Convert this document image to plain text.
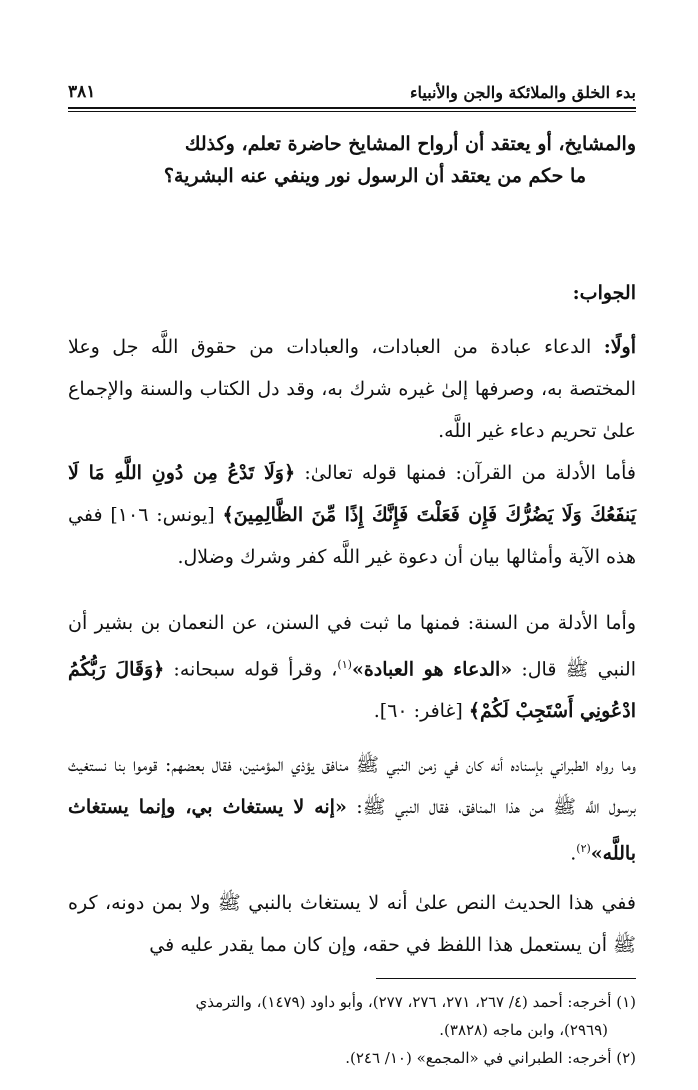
بدء الخلق والملائكة والجن والأنبياء
٣٨١
والمشايخ، أو يعتقد أن أرواح المشايخ حاضرة تعلم، وكذلك
ما حكم من يعتقد أن الرسول نور وينفي عنه البشرية؟
الجواب:
أولًا: الدعاء عبادة من العبادات، والعبادات من حقوق اللَّه جل وعلا المختصة به، وصرفها إلىٰ غيره شرك به، وقد دل الكتاب والسنة والإجماع علىٰ تحريم دعاء غير اللَّه.
فأما الأدلة من القرآن: فمنها قوله تعالىٰ: ﴿وَلَا تَدْعُ مِن دُونِ اللَّهِ مَا لَا يَنفَعُكَ وَلَا يَضُرُّكَ فَإِن فَعَلْتَ فَإِنَّكَ إِذًا مِّنَ الظَّالِمِينَ﴾ [يونس: ١٠٦] ففي هذه الآية وأمثالها بيان أن دعوة غير اللَّه كفر وشرك وضلال.
وأما الأدلة من السنة: فمنها ما ثبت في السنن، عن النعمان بن بشير أن النبي ﷺ قال: «الدعاء هو العبادة»$^{(١)}$، وقرأ قوله سبحانه: ﴿وَقَالَ رَبُّكُمُ ادْعُونِي أَسْتَجِبْ لَكُمْ﴾ [غافر: ٦٠].
وما رواه الطبراني بإسناده أنه كان في زمن النبي ﷺ منافق يؤذي المؤمنين، فقال بعضهم: قوموا بنا نستغيث برسول اللَّه ﷺ من هذا المنافق، فقال النبي ﷺ: «إنه لا يستغاث بي، وإنما يستغاث باللَّه»$^{(٢)}$.
ففي هذا الحديث النص علىٰ أنه لا يستغاث بالنبي ﷺ ولا بمن دونه، كره ﷺ أن يستعمل هذا اللفظ في حقه، وإن كان مما يقدر عليه في
(١) أخرجه: أحمد (٤/ ٢٦٧، ٢٧١، ٢٧٦، ٢٧٧)، وأبو داود (١٤٧٩)، والترمذي
(٢٩٦٩)، وابن ماجه (٣٨٢٨).
(٢) أخرجه: الطبراني في «المجمع» (١٠/ ٢٤٦).
